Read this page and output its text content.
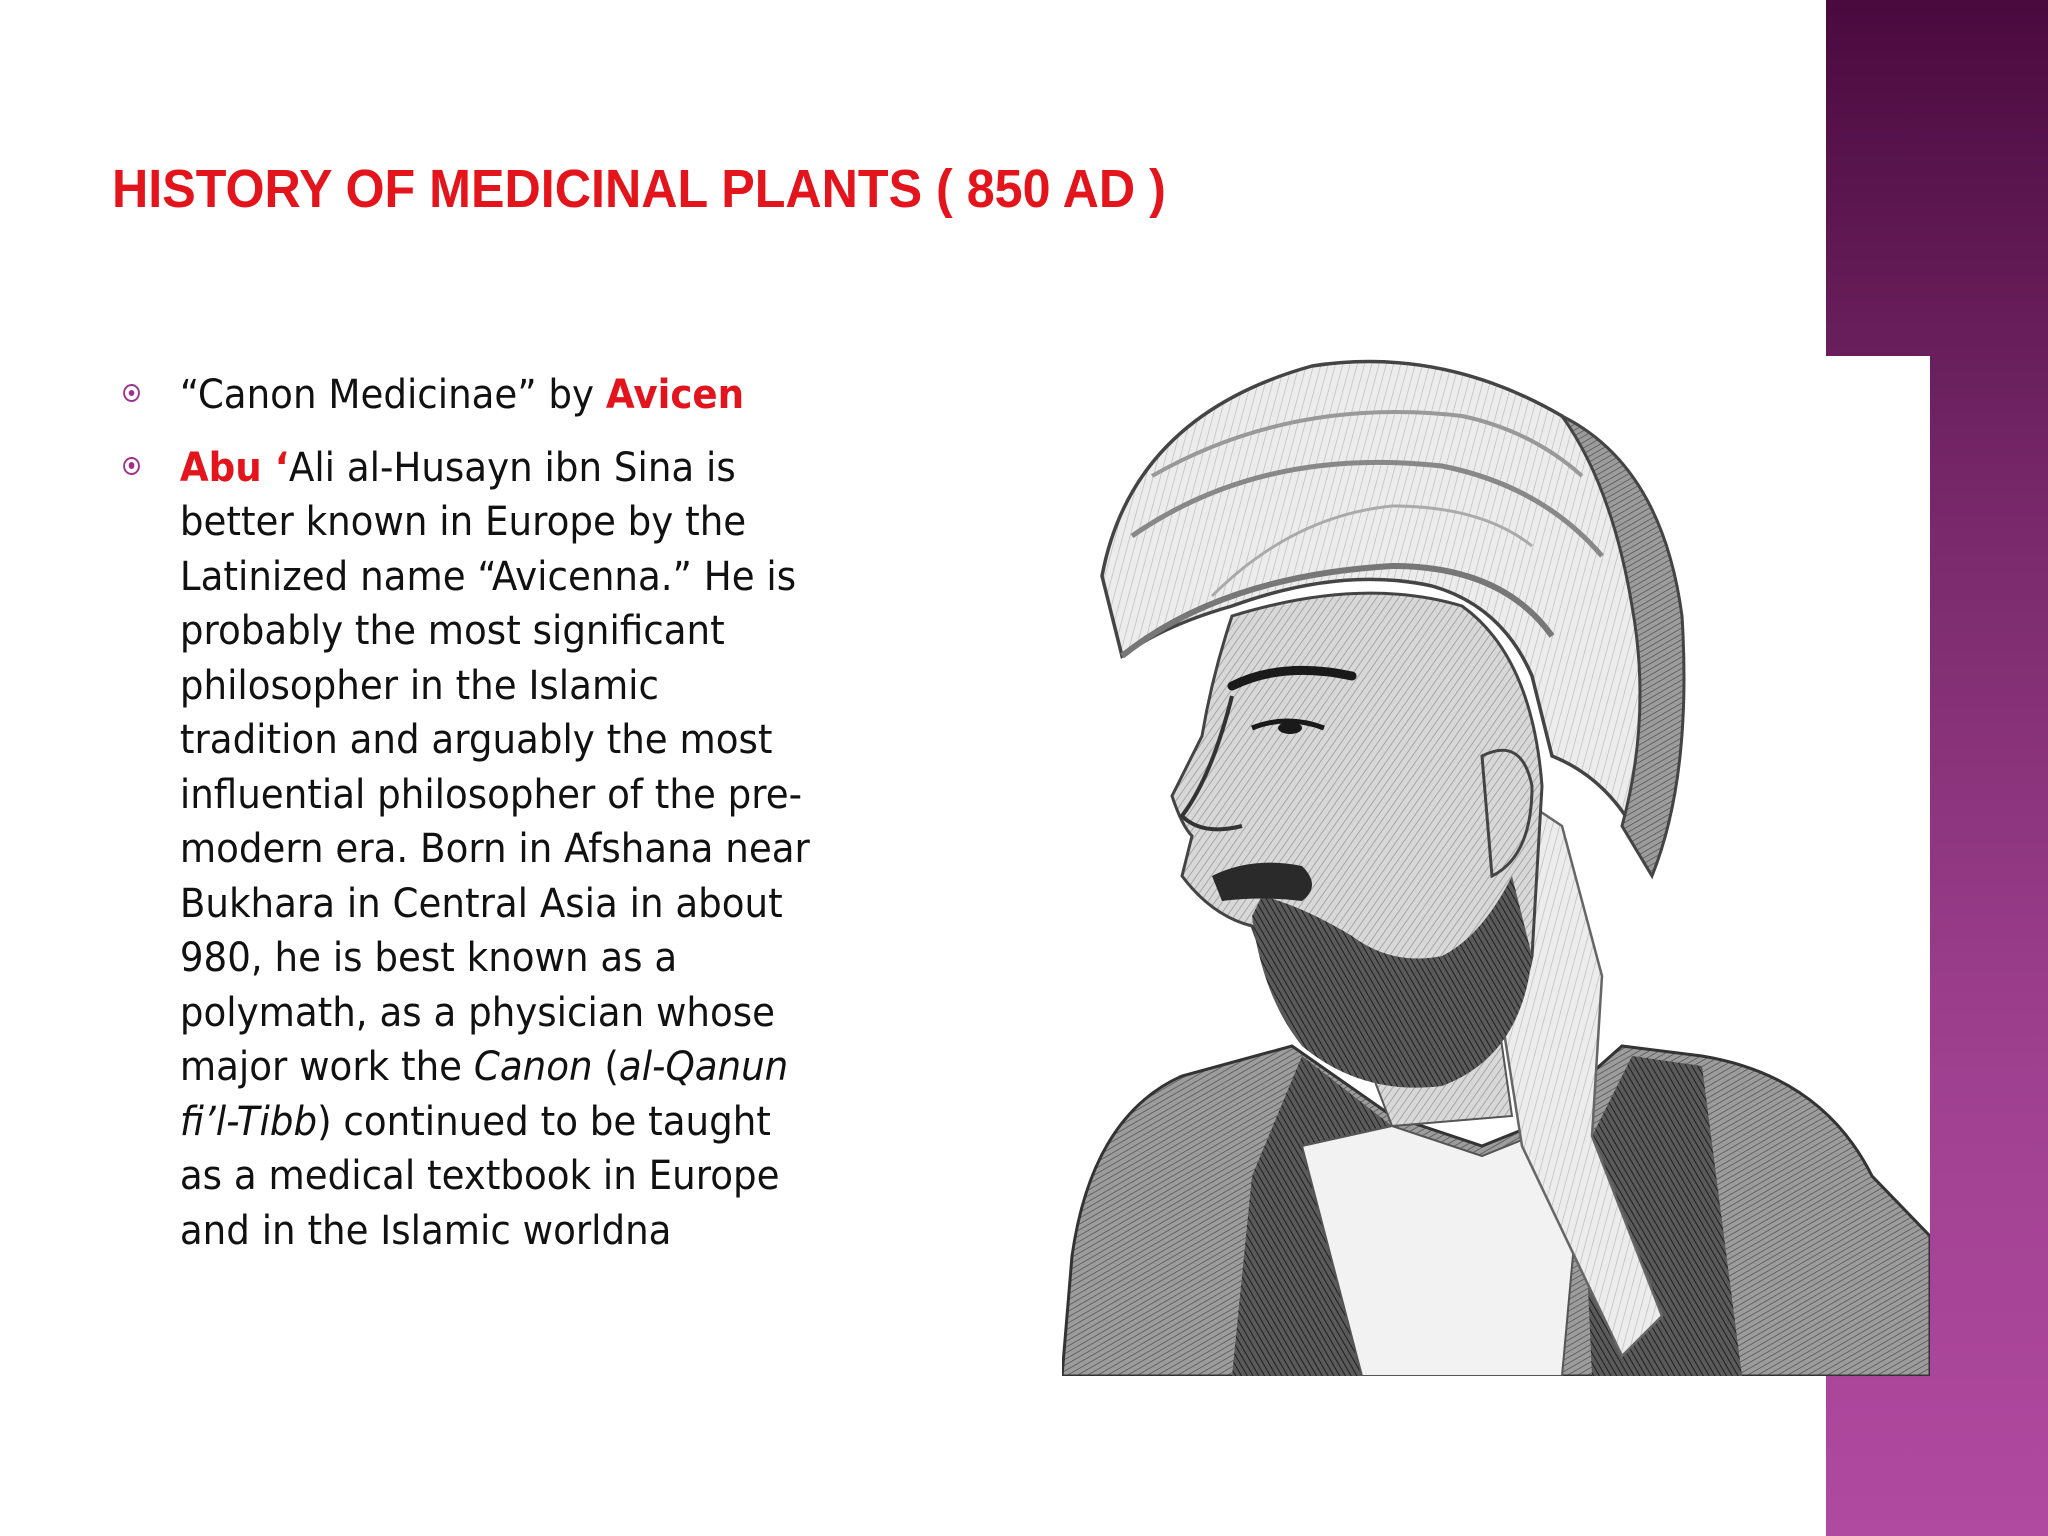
HISTORY OF MEDICINAL PLANTS ( 850 AD )
“Canon Medicinae” by Avicen
Abu ‘Ali al-Husayn ibn Sina is better known in Europe by the Latinized name “Avicenna.” He is probably the most significant philosopher in the Islamic tradition and arguably the most influential philosopher of the pre-modern era. Born in Afshana near Bukhara in Central Asia in about 980, he is best known as a polymath, as a physician whose major work the Canon (al-Qanun fi’l-Tibb) continued to be taught as a medical textbook in Europe and in the Islamic worldna
